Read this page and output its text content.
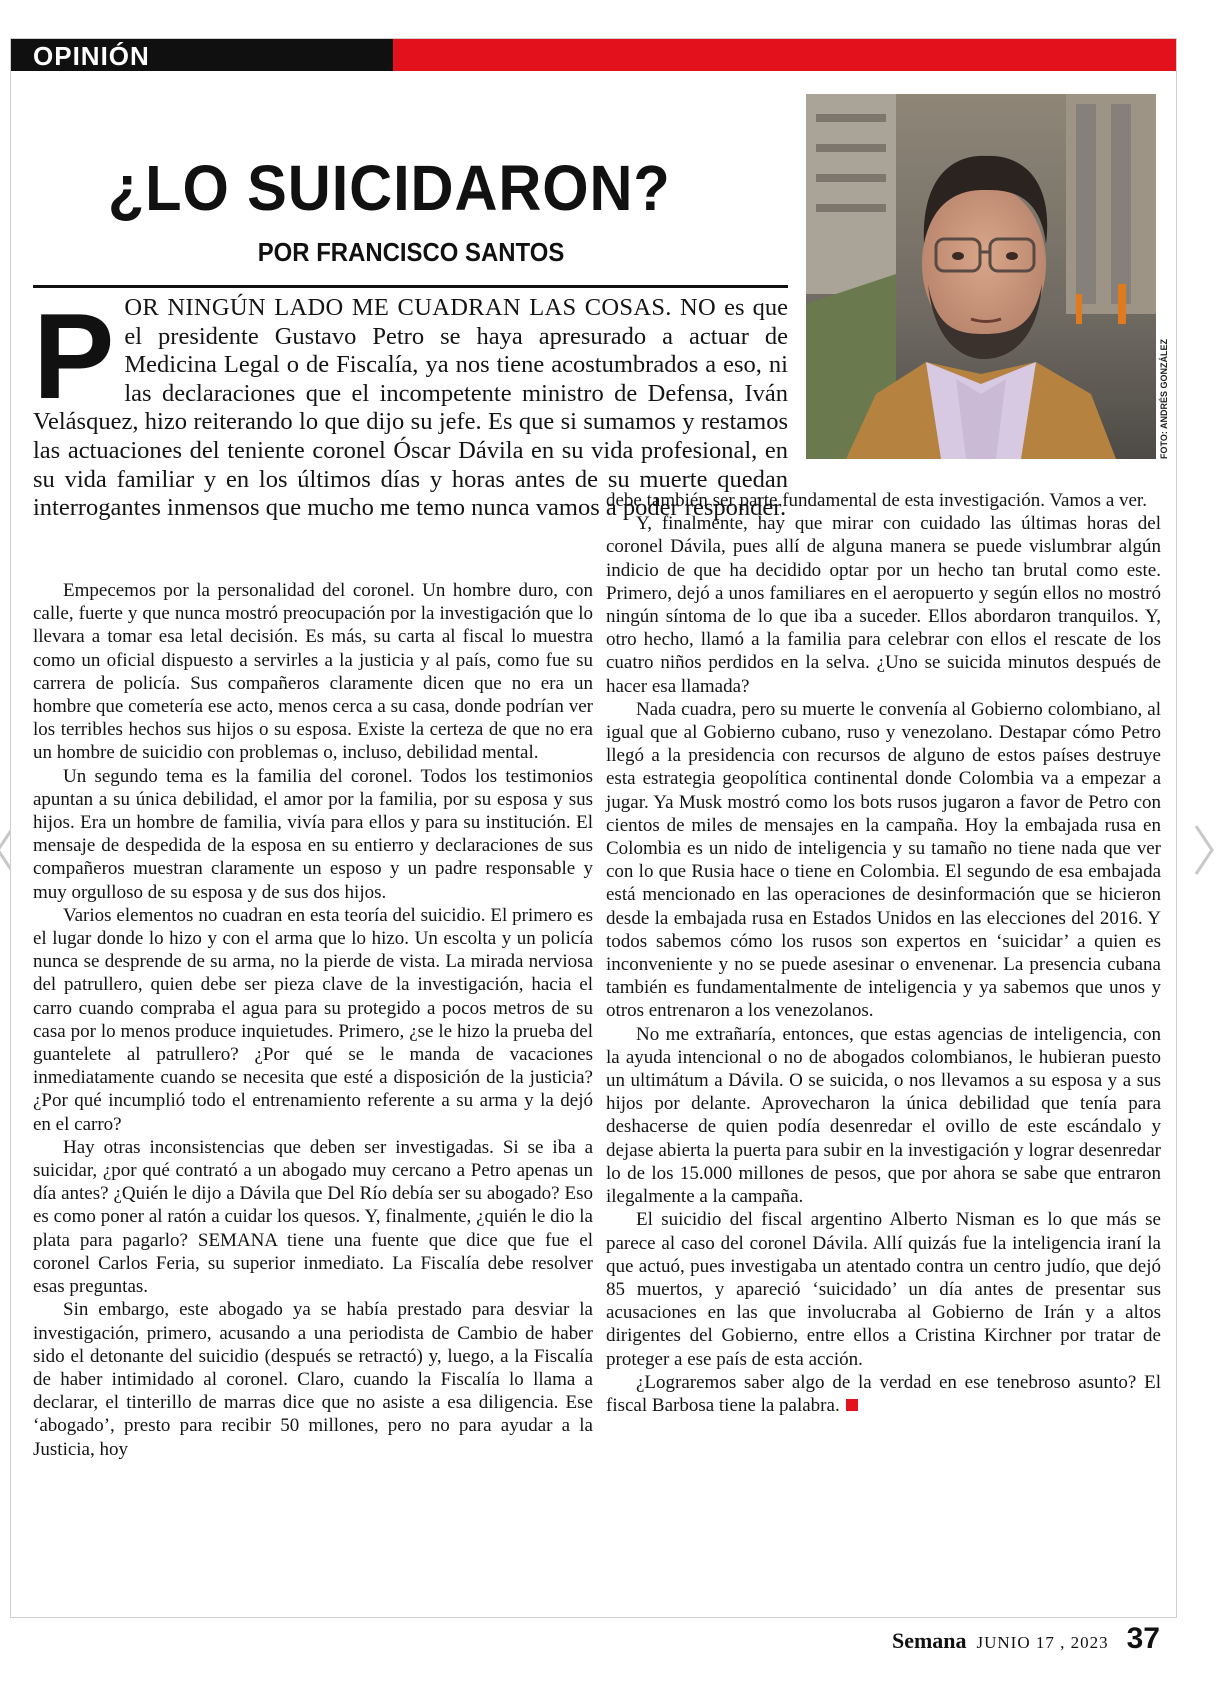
OPINIÓN
¿LO SUICIDARON?
POR FRANCISCO SANTOS
FOTO: ANDRÉS GONZÁLEZ
POR NINGÚN LADO ME CUADRAN LAS COSAS. NO es que el presidente Gustavo Petro se haya apresurado a actuar de Medicina Legal o de Fiscalía, ya nos tiene acostumbrados a eso, ni las declaraciones que el incompetente ministro de Defensa, Iván Velásquez, hizo reiterando lo que dijo su jefe. Es que si sumamos y restamos las actuaciones del teniente coronel Óscar Dávila en su vida profesional, en su vida familiar y en los últimos días y horas antes de su muerte quedan interrogantes inmensos que mucho me temo nunca vamos a poder responder.

Empecemos por la personalidad del coronel. Un hombre duro, con calle, fuerte y que nunca mostró preocupación por la investigación que lo llevara a tomar esa letal decisión. Es más, su carta al fiscal lo muestra como un oficial dispuesto a servirles a la justicia y al país, como fue su carrera de policía. Sus compañeros claramente dicen que no era un hombre que cometería ese acto, menos cerca a su casa, donde podrían ver los terribles hechos sus hijos o su esposa. Existe la certeza de que no era un hombre de suicidio con problemas o, incluso, debilidad mental.

Un segundo tema es la familia del coronel. Todos los testimonios apuntan a su única debilidad, el amor por la familia, por su esposa y sus hijos. Era un hombre de familia, vivía para ellos y para su institución. El mensaje de despedida de la esposa en su entierro y declaraciones de sus compañeros muestran claramente un esposo y un padre responsable y muy orgulloso de su esposa y de sus dos hijos.

Varios elementos no cuadran en esta teoría del suicidio. El primero es el lugar donde lo hizo y con el arma que lo hizo. Un escolta y un policía nunca se desprende de su arma, no la pierde de vista. La mirada nerviosa del patrullero, quien debe ser pieza clave de la investigación, hacia el carro cuando compraba el agua para su protegido a pocos metros de su casa por lo menos produce inquietudes. Primero, ¿se le hizo la prueba del guantelete al patrullero? ¿Por qué se le manda de vacaciones inmediatamente cuando se necesita que esté a disposición de la justicia? ¿Por qué incumplió todo el entrenamiento referente a su arma y la dejó en el carro?

Hay otras inconsistencias que deben ser investigadas. Si se iba a suicidar, ¿por qué contrató a un abogado muy cercano a Petro apenas un día antes? ¿Quién le dijo a Dávila que Del Río debía ser su abogado? Eso es como poner al ratón a cuidar los quesos. Y, finalmente, ¿quién le dio la plata para pagarlo? SEMANA tiene una fuente que dice que fue el coronel Carlos Feria, su superior inmediato. La Fiscalía debe resolver esas preguntas.

Sin embargo, este abogado ya se había prestado para desviar la investigación, primero, acusando a una periodista de Cambio de haber sido el detonante del suicidio (después se retractó) y, luego, a la Fiscalía de haber intimidado al coronel. Claro, cuando la Fiscalía lo llama a declarar, el tinterillo de marras dice que no asiste a esa diligencia. Ese ‘abogado’, presto para recibir 50 millones, pero no para ayudar a la Justicia, hoy

debe también ser parte fundamental de esta investigación. Vamos a ver.

Y, finalmente, hay que mirar con cuidado las últimas horas del coronel Dávila, pues allí de alguna manera se puede vislumbrar algún indicio de que ha decidido optar por un hecho tan brutal como este. Primero, dejó a unos familiares en el aeropuerto y según ellos no mostró ningún síntoma de lo que iba a suceder. Ellos abordaron tranquilos. Y, otro hecho, llamó a la familia para celebrar con ellos el rescate de los cuatro niños perdidos en la selva. ¿Uno se suicida minutos después de hacer esa llamada?

Nada cuadra, pero su muerte le convenía al Gobierno colombiano, al igual que al Gobierno cubano, ruso y venezolano. Destapar cómo Petro llegó a la presidencia con recursos de alguno de estos países destruye esta estrategia geopolítica continental donde Colombia va a empezar a jugar. Ya Musk mostró como los bots rusos jugaron a favor de Petro con cientos de miles de mensajes en la campaña. Hoy la embajada rusa en Colombia es un nido de inteligencia y su tamaño no tiene nada que ver con lo que Rusia hace o tiene en Colombia. El segundo de esa embajada está mencionado en las operaciones de desinformación que se hicieron desde la embajada rusa en Estados Unidos en las elecciones del 2016. Y todos sabemos cómo los rusos son expertos en ‘suicidar’ a quien es inconveniente y no se puede asesinar o envenenar. La presencia cubana también es fundamentalmente de inteligencia y ya sabemos que unos y otros entrenaron a los venezolanos.

No me extrañaría, entonces, que estas agencias de inteligencia, con la ayuda intencional o no de abogados colombianos, le hubieran puesto un ultimátum a Dávila. O se suicida, o nos llevamos a su esposa y a sus hijos por delante. Aprovecharon la única debilidad que tenía para deshacerse de quien podía desenredar el ovillo de este escándalo y dejase abierta la puerta para subir en la investigación y lograr desenredar lo de los 15.000 millones de pesos, que por ahora se sabe que entraron ilegalmente a la campaña.

El suicidio del fiscal argentino Alberto Nisman es lo que más se parece al caso del coronel Dávila. Allí quizás fue la inteligencia iraní la que actuó, pues investigaba un atentado contra un centro judío, que dejó 85 muertos, y apareció ‘suicidado’ un día antes de presentar sus acusaciones en las que involucraba al Gobierno de Irán y a altos dirigentes del Gobierno, entre ellos a Cristina Kirchner por tratar de proteger a ese país de esta acción.

¿Lograremos saber algo de la verdad en ese tenebroso asunto? El fiscal Barbosa tiene la palabra.

Semana JUNIO 17 , 2023 37
